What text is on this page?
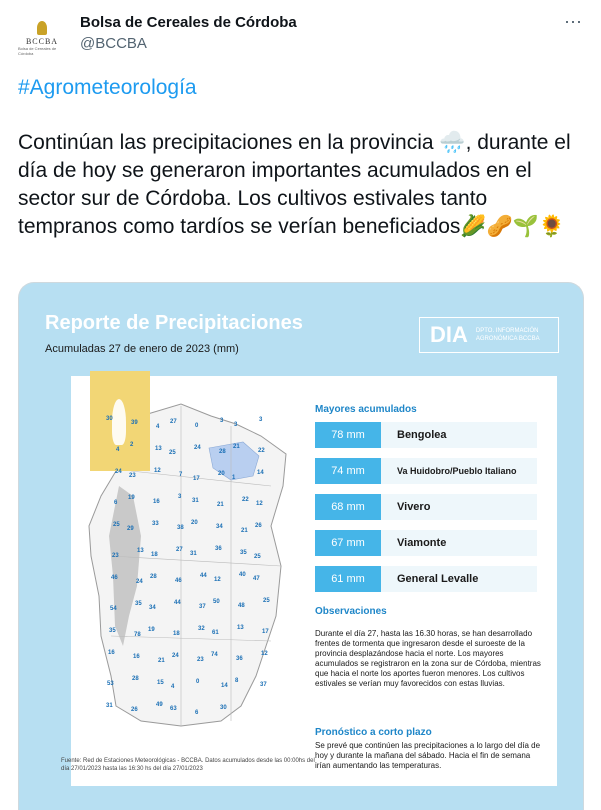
BCCBA
Bolsa de Cereales de Córdoba
Bolsa de Cereales de Córdoba
@BCCBA
⋯
#Agrometeorología
Continúan las precipitaciones en la provincia 🌧️, durante el día de hoy se generaron importantes acumulados en el sector sur de Córdoba. Los cultivos estivales tanto tempranos como tardíos se verían beneficiados🌽🥜🌱🌻
Reporte de Precipitaciones
Acumuladas 27 de enero de 2023 (mm)
DIA DPTO. INFORMACIÓN AGRONÓMICA BCCBA
30
39
4
27
0
3
3
3
4
2
13
25
24
28
21
22
24
23
12
7
17
20
1
14
6
19
16
3
31
21
22
12
25
29
33
38
20
34
21
26
23
13
18
27
31
36
35
25
46
24
28
46
44
12
40
47
54
35
34
44
37
50
48
25
35
78
19
18
32
61
13
17
16
16
21
24
23
74
36
12
53
28
15
4
0
14
8
37
31
26
49
63
6
30
Mayores acumulados
78 mm	Bengolea
74 mm	Va Huidobro/Pueblo Italiano
68 mm	Vivero
67 mm	Viamonte
61 mm	General Levalle
Observaciones
Durante el día 27, hasta las 16.30 horas, se han desarrollado frentes de tormenta que ingresaron desde el suroeste de la provincia desplazándose hacia el norte. Los mayores acumulados se registraron en la zona sur de Córdoba, mientras que hacia el norte los aportes fueron menores. Los cultivos estivales se verían muy favorecidos con estas lluvias.
Pronóstico a corto plazo
Se prevé que continúen las precipitaciones a lo largo del día de hoy y durante la mañana del sábado. Hacia el fin de semana irían aumentando las temperaturas.
Fuente: Red de Estaciones Meteorológicas - BCCBA. Datos acumulados desde las 00:00hs del día 27/01/2023 hasta las 16:30 hs del día 27/01/2023
